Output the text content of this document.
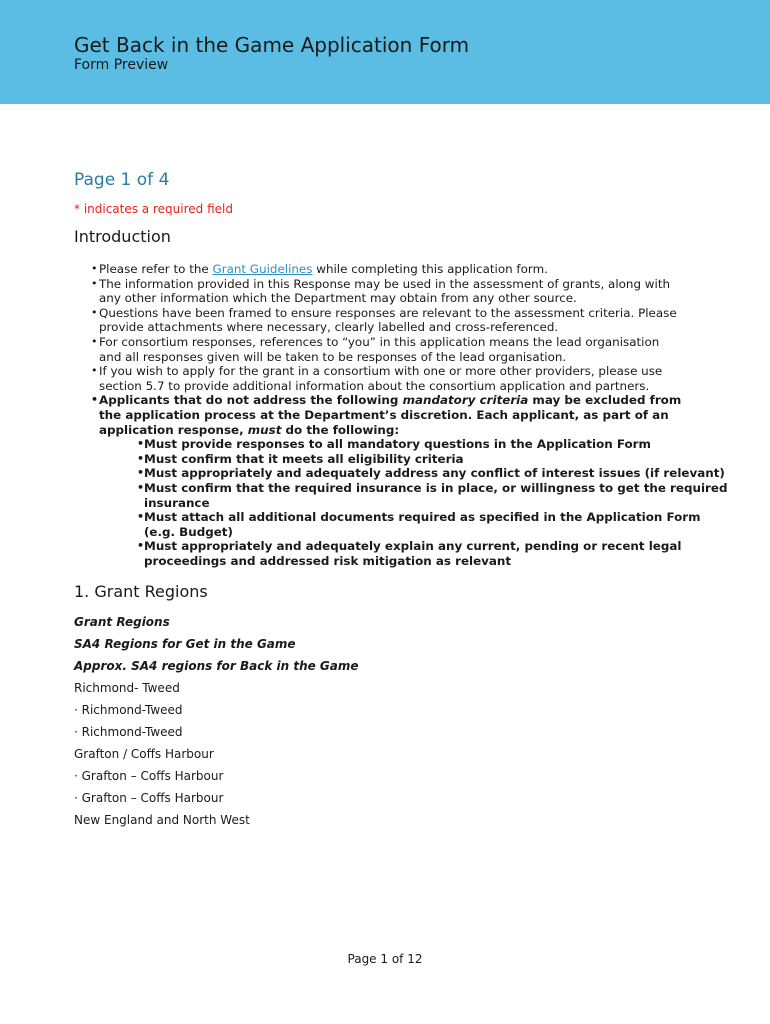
Get Back in the Game Application Form
Form Preview
Page 1 of 4
* indicates a required field
Introduction
• Please refer to the Grant Guidelines while completing this application form.
• The information provided in this Response may be used in the assessment of grants, along with any other information which the Department may obtain from any other source.
• Questions have been framed to ensure responses are relevant to the assessment criteria. Please provide attachments where necessary, clearly labelled and cross-referenced.
• For consortium responses, references to “you” in this application means the lead organisation and all responses given will be taken to be responses of the lead organisation.
• If you wish to apply for the grant in a consortium with one or more other providers, please use section 5.7 to provide additional information about the consortium application and partners.
• Applicants that do not address the following mandatory criteria may be excluded from the application process at the Department’s discretion. Each applicant, as part of an application response, must do the following:
• Must provide responses to all mandatory questions in the Application Form
• Must confirm that it meets all eligibility criteria
• Must appropriately and adequately address any conflict of interest issues (if relevant)
• Must confirm that the required insurance is in place, or willingness to get the required insurance
• Must attach all additional documents required as specified in the Application Form (e.g. Budget)
• Must appropriately and adequately explain any current, pending or recent legal proceedings and addressed risk mitigation as relevant
1. Grant Regions
Grant Regions
SA4 Regions for Get in the Game
Approx. SA4 regions for Back in the Game
Richmond- Tweed
· Richmond-Tweed
· Richmond-Tweed
Grafton / Coffs Harbour
· Grafton – Coffs Harbour
· Grafton – Coffs Harbour
New England and North West
Page 1 of 12
